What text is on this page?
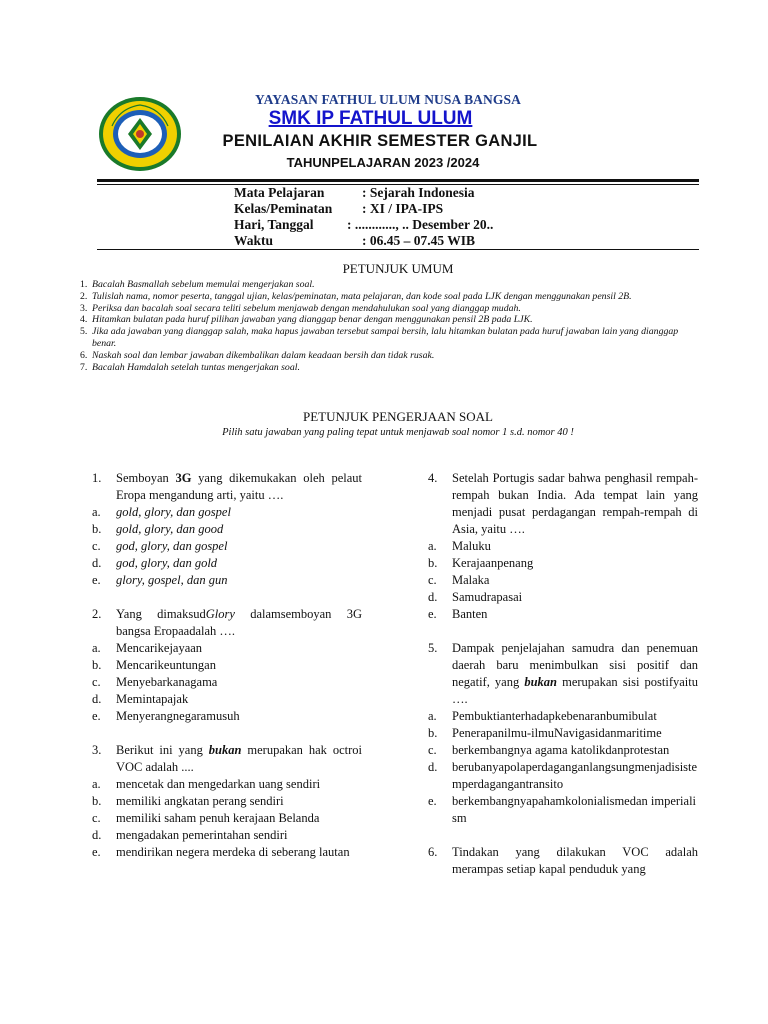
YAYASAN FATHUL ULUM NUSA BANGSA
SMK IP FATHUL ULUM
PENILAIAN AKHIR SEMESTER GANJIL
TAHUNPELAJARAN 2023 /2024
Mata Pelajaran	: Sejarah Indonesia
Kelas/Peminatan : XI / IPA-IPS
Hari, Tanggal : ............, .. Desember 20..
Waktu	: 06.45 – 07.45 WIB
PETUNJUK UMUM
1. Bacalah Basmallah sebelum memulai mengerjakan soal.
2. Tulislah nama, nomor peserta, tanggal ujian, kelas/peminatan, mata pelajaran, dan kode soal pada LJK dengan menggunakan pensil 2B.
3. Periksa dan bacalah soal secara teliti sebelum menjawab dengan mendahulukan soal yang dianggap mudah.
4. Hitamkan bulatan pada huruf pilihan jawaban yang dianggap benar dengan menggunakan pensil 2B pada LJK.
5. Jika ada jawaban yang dianggap salah, maka hapus jawaban tersebut sampai bersih, lalu hitamkan bulatan pada huruf jawaban lain yang dianggap benar.
6. Naskah soal dan lembar jawaban dikembalikan dalam keadaan bersih dan tidak rusak.
7. Bacalah Hamdalah setelah tuntas mengerjakan soal.
PETUNJUK PENGERJAAN SOAL
Pilih satu jawaban yang paling tepat untuk menjawab soal nomor 1 s.d. nomor 40 !
1. Semboyan 3G yang dikemukakan oleh pelaut Eropa mengandung arti, yaitu ….
a. gold, glory, dan gospel
b. gold, glory, dan good
c. god, glory, dan gospel
d. god, glory, dan gold
e. glory, gospel, dan gun
2. Yang dimaksudGlory dalamsemboyan 3G bangsa Eropaadalah ….
a. Mencarikejayaan
b. Mencarikeuntungan
c. Menyebarkanagama
d. Memintapajak
e. Menyerangnegaramusuh
3. Berikut ini yang bukan merupakan hak octroi VOC adalah ....
a. mencetak dan mengedarkan uang sendiri
b. memiliki angkatan perang sendiri
c. memiliki saham penuh kerajaan Belanda
d. mengadakan pemerintahan sendiri
e. mendirikan negera merdeka di seberang lautan
4. Setelah Portugis sadar bahwa penghasil rempah-rempah bukan India. Ada tempat lain yang menjadi pusat perdagangan rempah-rempah di Asia, yaitu ….
a. Maluku
b. Kerajaanpenang
c. Malaka
d. Samudrapasai
e. Banten
5. Dampak penjelajahan samudra dan penemuan daerah baru menimbulkan sisi positif dan negatif, yang bukan merupakan sisi postifyaitu ….
a. Pembuktianterhadapkebenaranbumibulat
b. Penerapanilmu-ilmuNavigasidanmaritime
c. berkembangnya agama katolikdanprotestan
d. berubanyapolaperdaganganlangsungmenjadisistemperdagangantransito
e. berkembangnyapahamkolonialismedan imperialism
6. Tindakan yang dilakukan VOC adalah merampas setiap kapal penduduk yang
